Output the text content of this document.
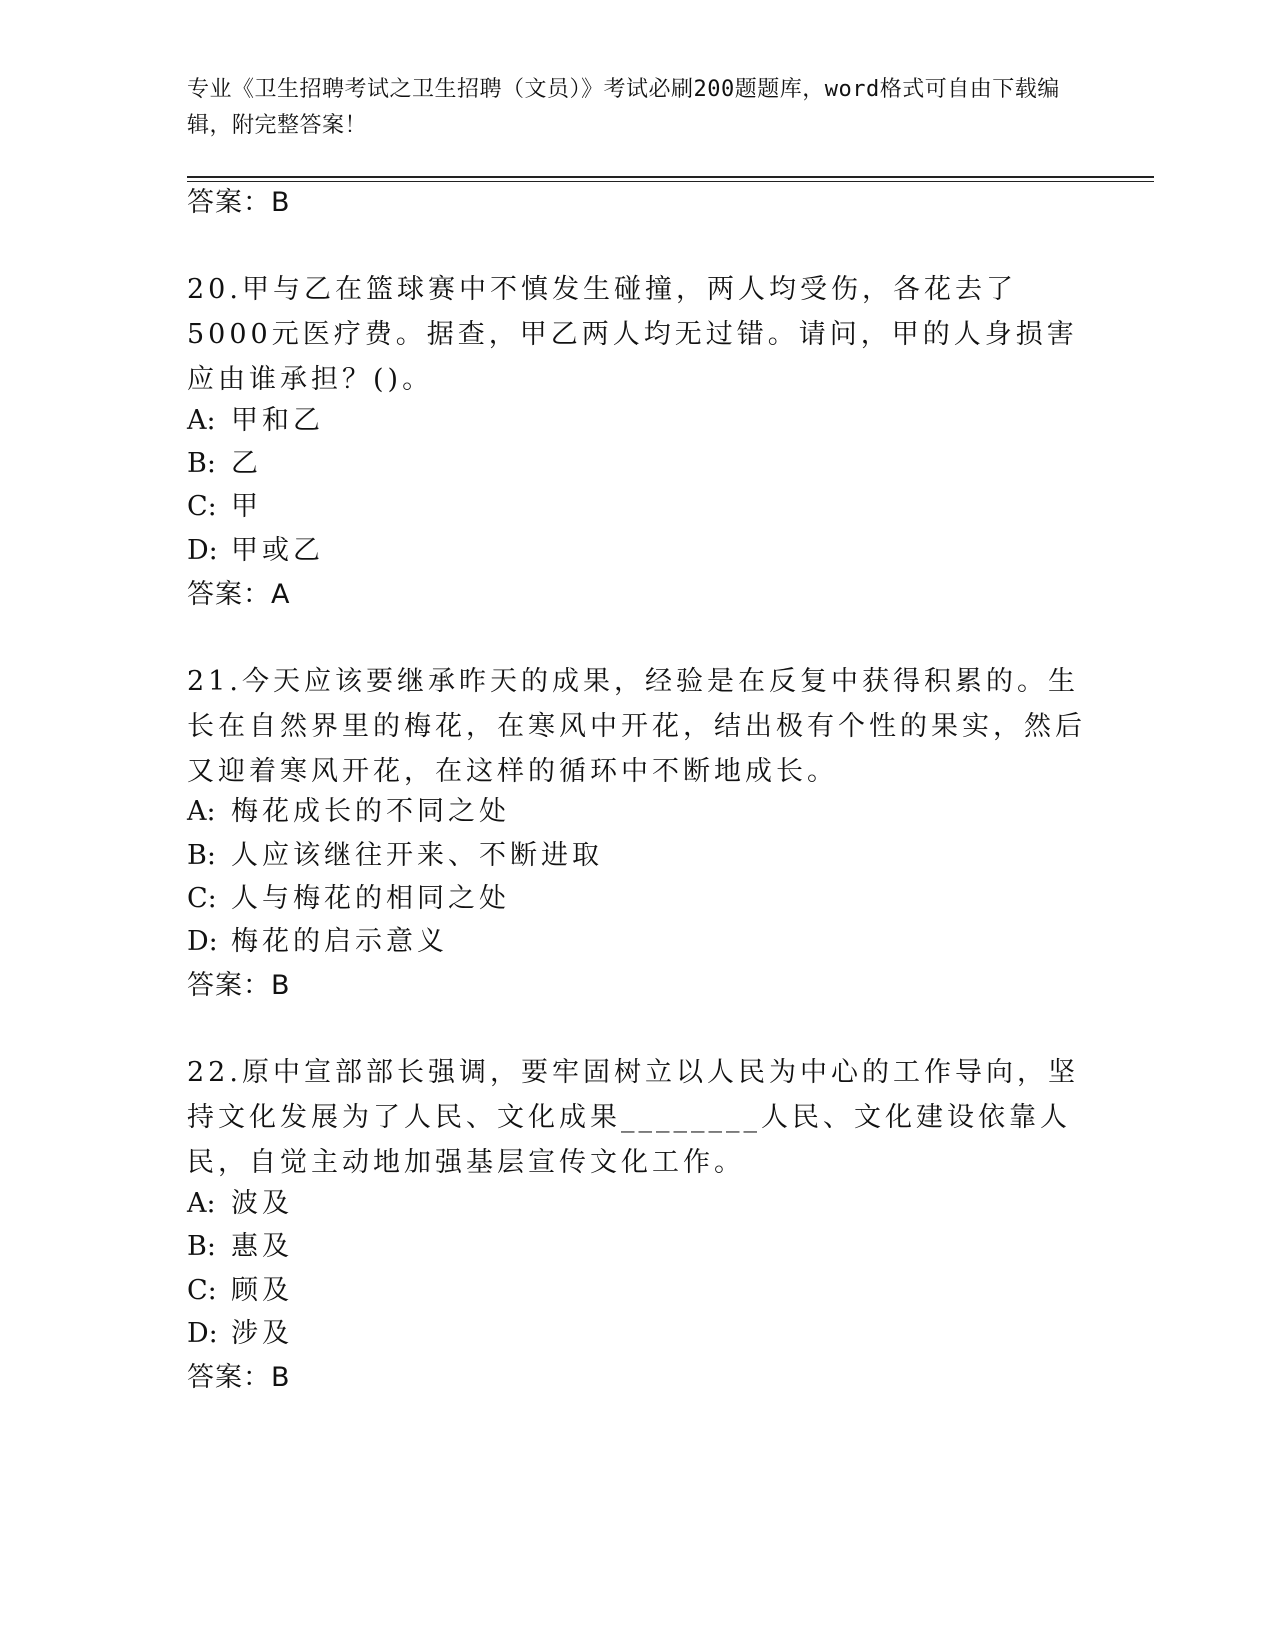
专业《卫生招聘考试之卫生招聘（文员）》考试必刷200题题库，word格式可自由下载编辑，附完整答案！
答案：B
20.甲与乙在篮球赛中不慎发生碰撞，两人均受伤，各花去了5000元医疗费。据查，甲乙两人均无过错。请问，甲的人身损害应由谁承担？()。
A: 甲和乙
B: 乙
C: 甲
D: 甲或乙
答案：A
21.今天应该要继承昨天的成果，经验是在反复中获得积累的。生长在自然界里的梅花，在寒风中开花，结出极有个性的果实，然后又迎着寒风开花，在这样的循环中不断地成长。
A: 梅花成长的不同之处
B: 人应该继往开来、不断进取
C: 人与梅花的相同之处
D: 梅花的启示意义
答案：B
22.原中宣部部长强调，要牢固树立以人民为中心的工作导向，坚持文化发展为了人民、文化成果________人民、文化建设依靠人民，自觉主动地加强基层宣传文化工作。
A: 波及
B: 惠及
C: 顾及
D: 涉及
答案：B
